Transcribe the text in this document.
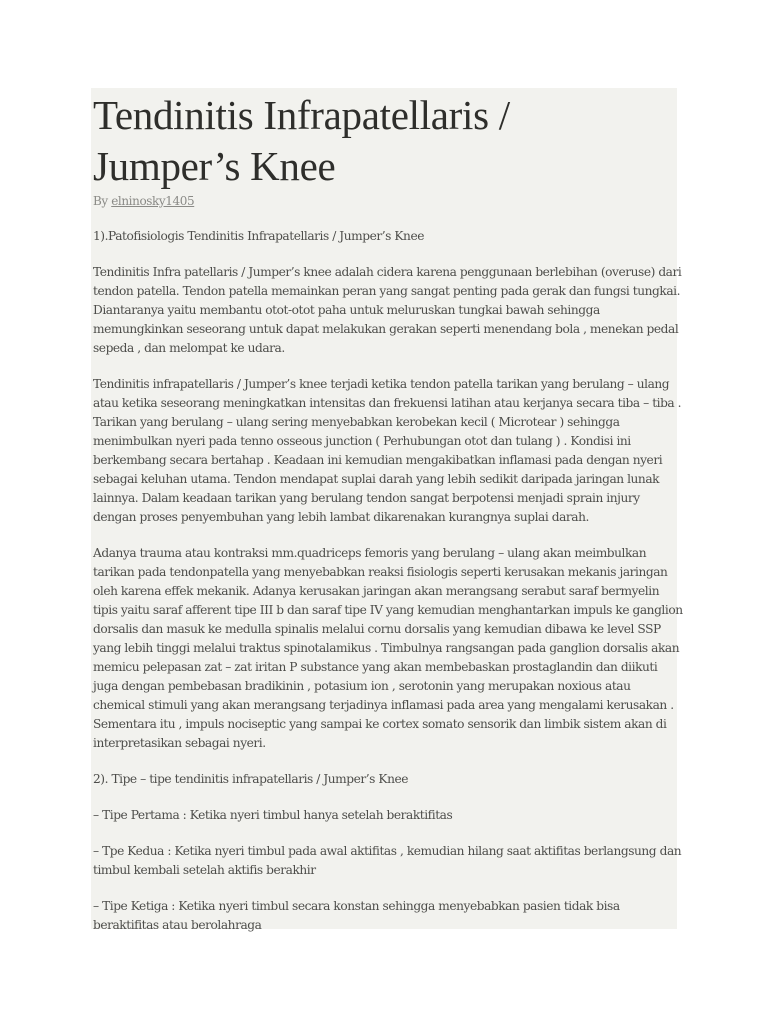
Tendinitis Infrapatellaris /
Jumper’s Knee

By elninosky1405

1).Patofisiologis Tendinitis Infrapatellaris / Jumper’s Knee

Tendinitis Infra patellaris / Jumper’s knee adalah cidera karena penggunaan berlebihan (overuse) dari tendon patella. Tendon patella memainkan peran yang sangat penting pada gerak dan fungsi tungkai. Diantaranya yaitu membantu otot-otot paha untuk meluruskan tungkai bawah sehingga memungkinkan seseorang untuk dapat melakukan gerakan seperti menendang bola , menekan pedal sepeda , dan melompat ke udara.

Tendinitis infrapatellaris / Jumper’s knee terjadi ketika tendon patella tarikan yang berulang – ulang atau ketika seseorang meningkatkan intensitas dan frekuensi latihan atau kerjanya secara tiba – tiba . Tarikan yang berulang – ulang sering menyebabkan kerobekan kecil ( Microtear ) sehingga menimbulkan nyeri pada tenno osseous junction ( Perhubungan otot dan tulang ) . Kondisi ini berkembang secara bertahap . Keadaan ini kemudian mengakibatkan inflamasi pada dengan nyeri sebagai keluhan utama. Tendon mendapat suplai darah yang lebih sedikit daripada jaringan lunak lainnya. Dalam keadaan tarikan yang berulang tendon sangat berpotensi menjadi sprain injury dengan proses penyembuhan yang lebih lambat dikarenakan kurangnya suplai darah.

Adanya trauma atau kontraksi mm.quadriceps femoris yang berulang – ulang akan meimbulkan tarikan pada tendonpatella yang menyebabkan reaksi fisiologis seperti kerusakan mekanis jaringan oleh karena effek mekanik. Adanya kerusakan jaringan akan merangsang serabut saraf bermyelin tipis yaitu saraf afferent tipe III b dan saraf tipe IV yang kemudian menghantarkan impuls ke ganglion dorsalis dan masuk ke medulla spinalis melalui cornu dorsalis yang kemudian dibawa ke level SSP yang lebih tinggi melalui traktus spinotalamikus . Timbulnya rangsangan pada ganglion dorsalis akan memicu pelepasan zat – zat iritan P substance yang akan membebaskan prostaglandin dan diikuti juga dengan pembebasan bradikinin , potasium ion , serotonin yang merupakan noxious atau chemical stimuli yang akan merangsang terjadinya inflamasi pada area yang mengalami kerusakan . Sementara itu , impuls nociseptic yang sampai ke cortex somato sensorik dan limbik sistem akan di interpretasikan sebagai nyeri.

2). Tipe – tipe tendinitis infrapatellaris / Jumper’s Knee

– Tipe Pertama : Ketika nyeri timbul hanya setelah beraktifitas

– Tpe Kedua : Ketika nyeri timbul pada awal aktifitas , kemudian hilang saat aktifitas berlangsung dan timbul kembali setelah aktifis berakhir

– Tipe Ketiga : Ketika nyeri timbul secara konstan sehingga menyebabkan pasien tidak bisa beraktifitas atau berolahraga
